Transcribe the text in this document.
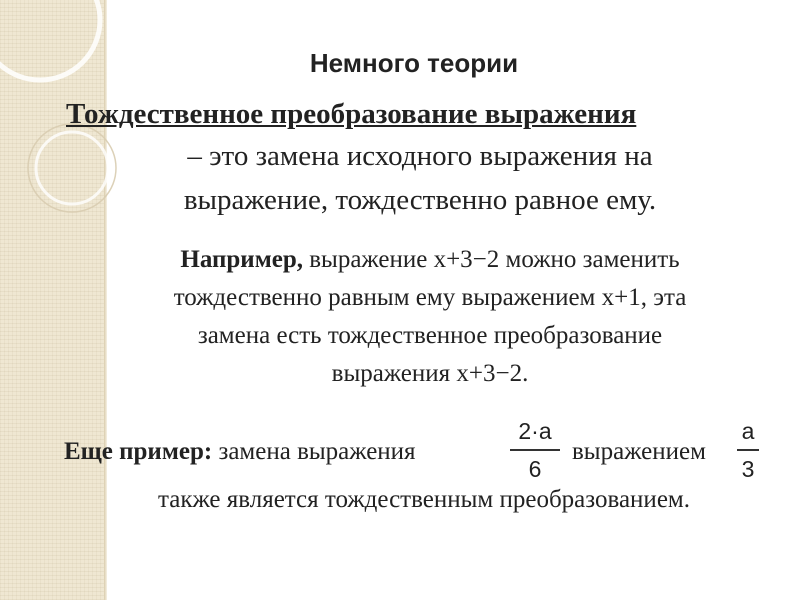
Немного теории
Тождественное преобразование выражения
– это замена исходного выражения на
выражение, тождественно равное ему.
Например, выражение x+3−2 можно заменить
тождественно равным ему выражением x+1, эта
замена есть тождественное преобразование
выражения x+3−2.
Еще пример: замена выражения
2·a
6
выражением
a
3
также является тождественным преобразованием.
